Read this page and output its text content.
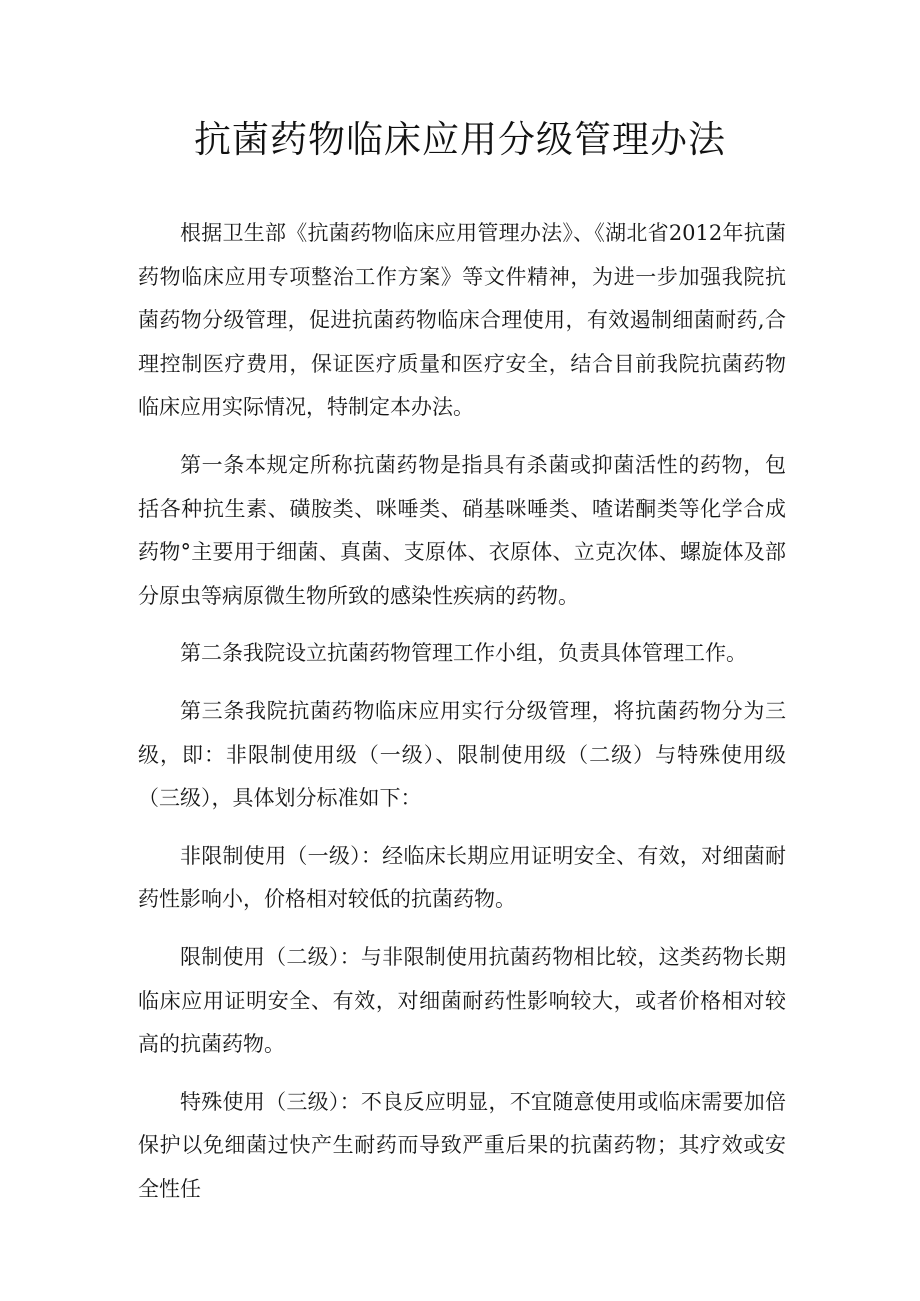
抗菌药物临床应用分级管理办法

根据卫生部《抗菌药物临床应用管理办法》、《湖北省2012年抗菌药物临床应用专项整治工作方案》等文件精神，为进一步加强我院抗菌药物分级管理，促进抗菌药物临床合理使用，有效遏制细菌耐药,合理控制医疗费用，保证医疗质量和医疗安全，结合目前我院抗菌药物临床应用实际情况，特制定本办法。

第一条本规定所称抗菌药物是指具有杀菌或抑菌活性的药物，包括各种抗生素、磺胺类、咪唾类、硝基咪唾类、喳诺酮类等化学合成药物°主要用于细菌、真菌、支原体、衣原体、立克次体、螺旋体及部分原虫等病原微生物所致的感染性疾病的药物。

第二条我院设立抗菌药物管理工作小组，负责具体管理工作。

第三条我院抗菌药物临床应用实行分级管理，将抗菌药物分为三级，即：非限制使用级（一级）、限制使用级（二级）与特殊使用级（三级），具体划分标准如下：

非限制使用（一级）：经临床长期应用证明安全、有效，对细菌耐药性影响小，价格相对较低的抗菌药物。

限制使用（二级）：与非限制使用抗菌药物相比较，这类药物长期临床应用证明安全、有效，对细菌耐药性影响较大，或者价格相对较高的抗菌药物。

特殊使用（三级）：不良反应明显，不宜随意使用或临床需要加倍保护以免细菌过快产生耐药而导致严重后果的抗菌药物；其疗效或安全性任
